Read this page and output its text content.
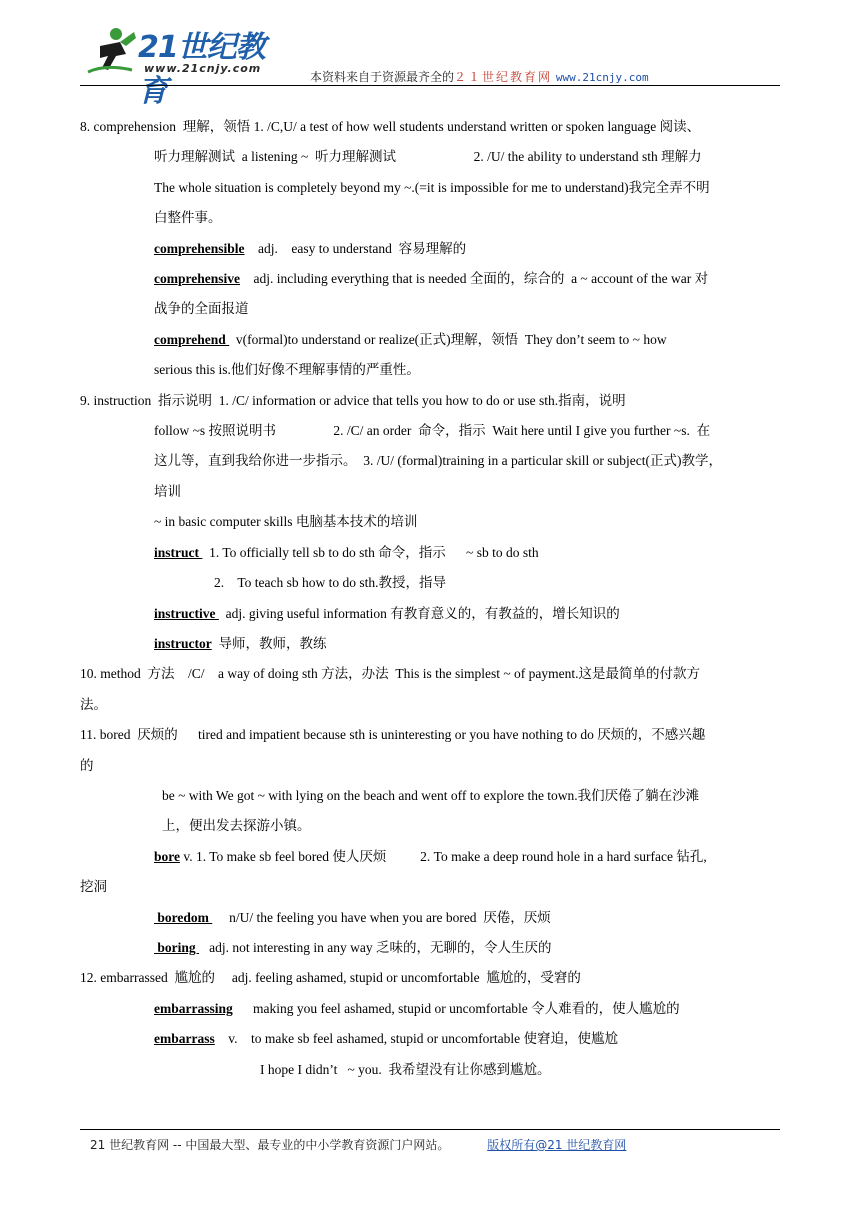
21世纪教育
www.21cnjy.com
本资料来自于资源最齐全的２１世纪教育网 www.21cnjy.com

8. comprehension  理解，领悟 1. /C,U/ a test of how well students understand written or spoken language 阅读、

听力理解测试  a listening ~  听力理解测试                       2. /U/ the ability to understand sth 理解力

The whole situation is completely beyond my ~.(=it is impossible for me to understand)我完全弄不明

白整件事。

comprehensible    adj.    easy to understand  容易理解的

comprehensive    adj. including everything that is needed 全面的，综合的  a ~ account of the war 对

战争的全面报道

comprehend   v(formal)to understand or realize(正式)理解，领悟  They don’t seem to ~ how

serious this is.他们好像不理解事情的严重性。

9. instruction  指示说明  1. /C/ information or advice that tells you how to do or use sth.指南，说明

follow ~s 按照说明书                 2. /C/ an order  命令，指示  Wait here until I give you further ~s.  在

这儿等，直到我给你进一步指示。  3. /U/ (formal)training in a particular skill or subject(正式)教学，

培训

~ in basic computer skills 电脑基本技术的培训

instruct   1. To officially tell sb to do sth 命令，指示      ~ sb to do sth

2.    To teach sb how to do sth.教授，指导

instructive   adj. giving useful information 有教育意义的，有教益的，增长知识的

instructor  导师，教师，教练

10. method  方法    /C/    a way of doing sth 方法，办法  This is the simplest ~ of payment.这是最简单的付款方

法。

11. bored  厌烦的      tired and impatient because sth is uninteresting or you have nothing to do 厌烦的，不感兴趣

的

be ~ with We got ~ with lying on the beach and went off to explore the town.我们厌倦了躺在沙滩

上，便出发去探游小镇。

bore v. 1. To make sb feel bored 使人厌烦          2. To make a deep round hole in a hard surface 钻孔,

挖洞

boredom      n/U/ the feeling you have when you are bored  厌倦，厌烦

boring    adj. not interesting in any way 乏味的，无聊的，令人生厌的

12. embarrassed  尴尬的     adj. feeling ashamed, stupid or uncomfortable  尴尬的，受窘的

embarrassing      making you feel ashamed, stupid or uncomfortable 令人难看的，使人尴尬的

embarrass    v.    to make sb feel ashamed, stupid or uncomfortable 使窘迫，使尴尬

I hope I didn’t   ~ you.  我希望没有让你感到尴尬。

21 世纪教育网 -- 中国最大型、最专业的中小学教育资源门户网站。	版权所有@21 世纪教育网
